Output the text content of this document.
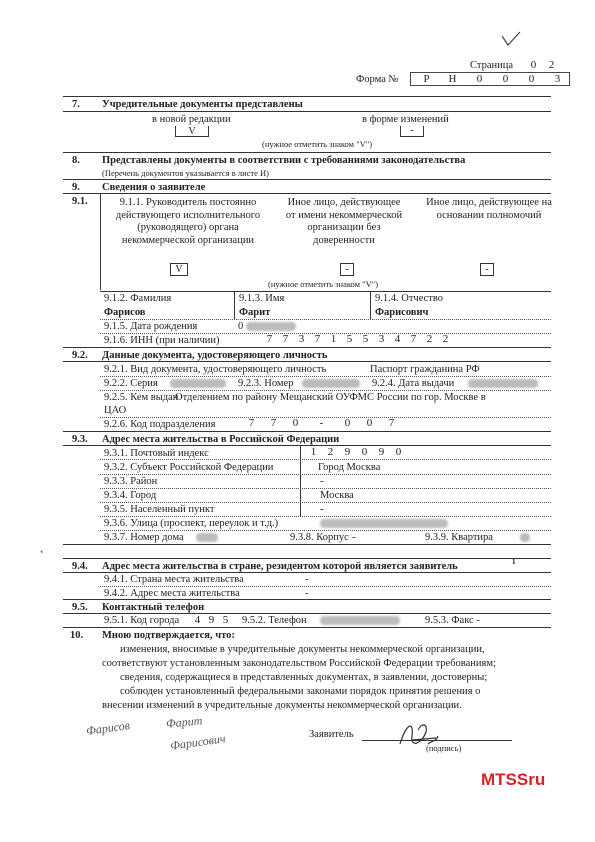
Страница	0	2
Форма №	Р	Н	0	0	0	3
7. Учредительные документы представлены
в новой редакции	в форме изменений
V	-
(нужное отметить знаком "V")
8. Представлены документы в соответствии с требованиями законодательства
(Перечень документов указывается в листе И)
9. Сведения о заявителе
9.1.	9.1.1. Руководитель постоянно действующего исполнительного (руководящего) органа некоммерческой организации
Иное лицо, действующее от имени некоммерческой организации без доверенности
Иное лицо, действующее на основании полномочий
V	-	-
(нужное отметить знаком "V")
9.1.2. Фамилия	9.1.3. Имя	9.1.4. Отчество
Фарисов	Фарит	Фарисович
9.1.5. Дата рождения	0
9.1.6. ИНН (при наличии)	7 7 3 7 1 5 5 3 4 7 2 2
9.2. Данные документа, удостоверяющего личность
9.2.1. Вид документа, удостоверяющего личность	Паспорт гражданина РФ
9.2.2. Серия	9.2.3. Номер	9.2.4. Дата выдачи
9.2.5. Кем выдан
Отделением по району Мещанский ОУФМС России по гор. Москве в
ЦАО
9.2.6. Код подразделения	7	7	0	-	0	0	7
9.3. Адрес места жительства в Российской Федерации
9.3.1. Почтовый индекс	1	2	9	0	9	0
9.3.2. Субъект Российской Федерации	Город Москва
9.3.3. Район	-
9.3.4. Город	Москва
9.3.5. Населенный пункт	-
9.3.6. Улица (проспект, переулок и т.д.)
9.3.7. Номер дома	9.3.8. Корпус -	9.3.9. Квартира
•
9.4. Адрес места жительства в стране, резидентом которой является заявитель	1
9.4.1. Страна места жительства	-
9.4.2. Адрес места жительства	-
9.5. Контактный телефон
9.5.1. Код города	4 9 5	9.5.2. Телефон	9.5.3. Факс -
10. Мною подтверждается, что:
изменения, вносимые в учредительные документы некоммерческой организации,
соответствуют установленным законодательством Российской Федерации требованиям;
сведения, содержащиеся в представленных документах, в заявлении, достоверны;
соблюден установленный федеральными законами порядок принятия решения о
внесении изменений в учредительные документы некоммерческой организации.
Фарисов	Фарит
Фарисович	Заявитель
(подпись)
MTSSru
